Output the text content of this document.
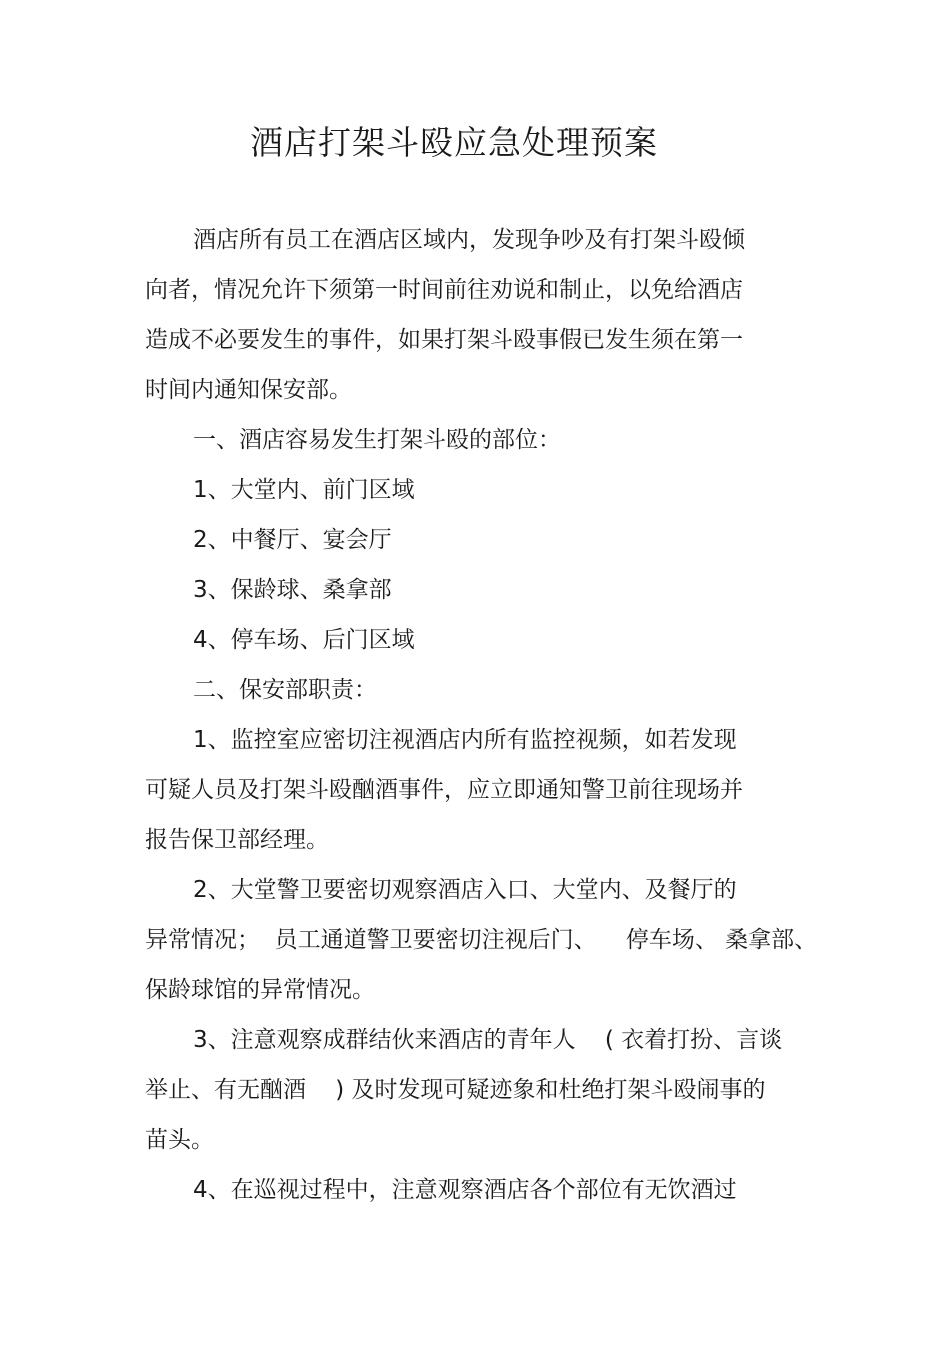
酒店打架斗殴应急处理预案

酒店所有员工在酒店区域内，发现争吵及有打架斗殴倾

向者，情况允许下须第一时间前往劝说和制止，以免给酒店

造成不必要发生的事件，如果打架斗殴事假已发生须在第一

时间内通知保安部。

一、酒店容易发生打架斗殴的部位：

1、大堂内、前门区域

2、中餐厅、宴会厅

3、保龄球、桑拿部

4、停车场、后门区域

二、保安部职责：

1、监控室应密切注视酒店内所有监控视频，如若发现

可疑人员及打架斗殴酗酒事件，应立即通知警卫前往现场并

报告保卫部经理。

2、大堂警卫要密切观察酒店入口、大堂内、及餐厅的

异常情况；  员工通道警卫要密切注视后门、    停车场、 桑拿部、

保龄球馆的异常情况。

3、注意观察成群结伙来酒店的青年人    ( 衣着打扮、言谈

举止、有无酗酒    ) 及时发现可疑迹象和杜绝打架斗殴闹事的

苗头。

4、在巡视过程中，注意观察酒店各个部位有无饮酒过
